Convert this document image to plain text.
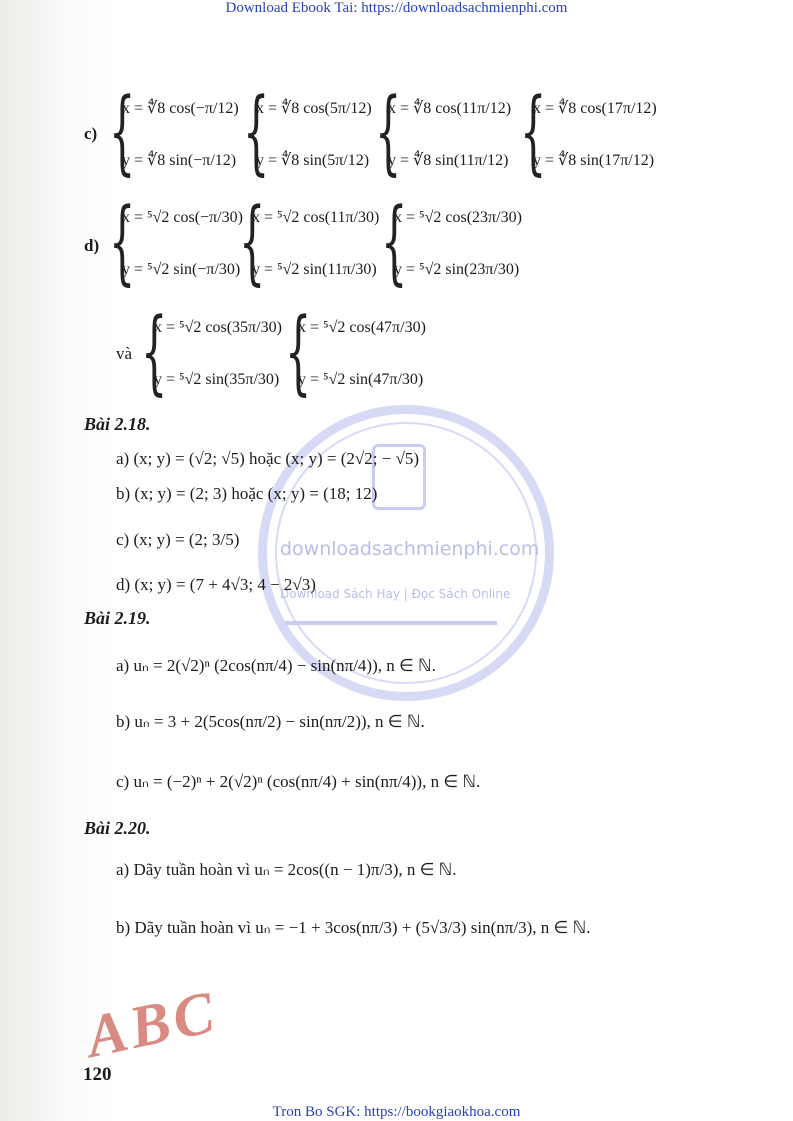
Download Ebook Tai: https://downloadsachmienphi.com
downloadsachmienphi.com
Download Sách Hay | Đọc Sách Online
c) {
x = ∜8 cos(−π/12)
y = ∜8 sin(−π/12) {
x = ∜8 cos(5π/12)
y = ∜8 sin(5π/12) {
x = ∜8 cos(11π/12)
y = ∜8 sin(11π/12) {
x = ∜8 cos(17π/12)
y = ∜8 sin(17π/12)
d) {
x = ⁵√2 cos(−π/30)
y = ⁵√2 sin(−π/30)
{
x = ⁵√2 cos(11π/30)
y = ⁵√2 sin(11π/30) {
x = ⁵√2 cos(23π/30)
y = ⁵√2 sin(23π/30)
và {
x = ⁵√2 cos(35π/30)
y = ⁵√2 sin(35π/30) {
x = ⁵√2 cos(47π/30)
y = ⁵√2 sin(47π/30)
Bài 2.18.
a) (x; y) = (√2; √5) hoặc (x; y) = (2√2; − √5)
b) (x; y) = (2; 3) hoặc (x; y) = (18; 12)
c) (x; y) = (2; 3/5)
d) (x; y) = (7 + 4√3; 4 − 2√3)
Bài 2.19.
a) uₙ = 2(√2)ⁿ (2cos(nπ/4) − sin(nπ/4)), n ∈ ℕ.
b) uₙ = 3 + 2(5cos(nπ/2) − sin(nπ/2)), n ∈ ℕ.
c) uₙ = (−2)ⁿ + 2(√2)ⁿ (cos(nπ/4) + sin(nπ/4)), n ∈ ℕ.
Bài 2.20.
a) Dãy tuần hoàn vì uₙ = 2cos((n − 1)π/3), n ∈ ℕ.
b) Dãy tuần hoàn vì uₙ = −1 + 3cos(nπ/3) + (5√3/3) sin(nπ/3), n ∈ ℕ.
ABC
120
Tron Bo SGK: https://bookgiaokhoa.com
